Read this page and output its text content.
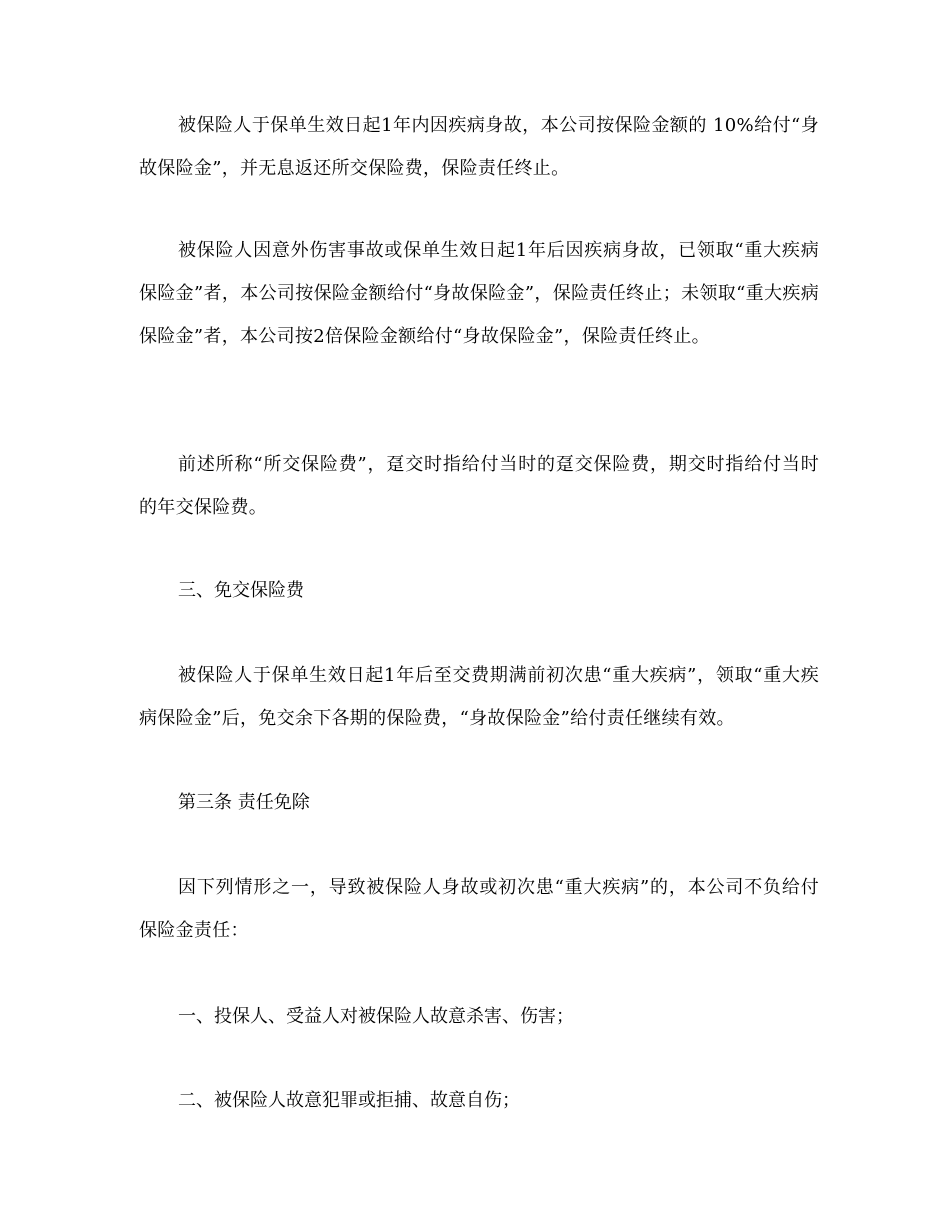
被保险人于保单生效日起1年内因疾病身故，本公司按保险金额的 10%给付“身故保险金”，并无息返还所交保险费，保险责任终止。

被保险人因意外伤害事故或保单生效日起1年后因疾病身故，已领取“重大疾病保险金”者，本公司按保险金额给付“身故保险金”，保险责任终止；未领取“重大疾病保险金”者，本公司按2倍保险金额给付“身故保险金”，保险责任终止。

前述所称“所交保险费”，趸交时指给付当时的趸交保险费，期交时指给付当时的年交保险费。

三、免交保险费

被保险人于保单生效日起1年后至交费期满前初次患“重大疾病”，领取“重大疾病保险金”后，免交余下各期的保险费，“身故保险金”给付责任继续有效。

第三条 责任免除

因下列情形之一，导致被保险人身故或初次患“重大疾病”的，本公司不负给付保险金责任：

一、投保人、受益人对被保险人故意杀害、伤害；

二、被保险人故意犯罪或拒捕、故意自伤；
